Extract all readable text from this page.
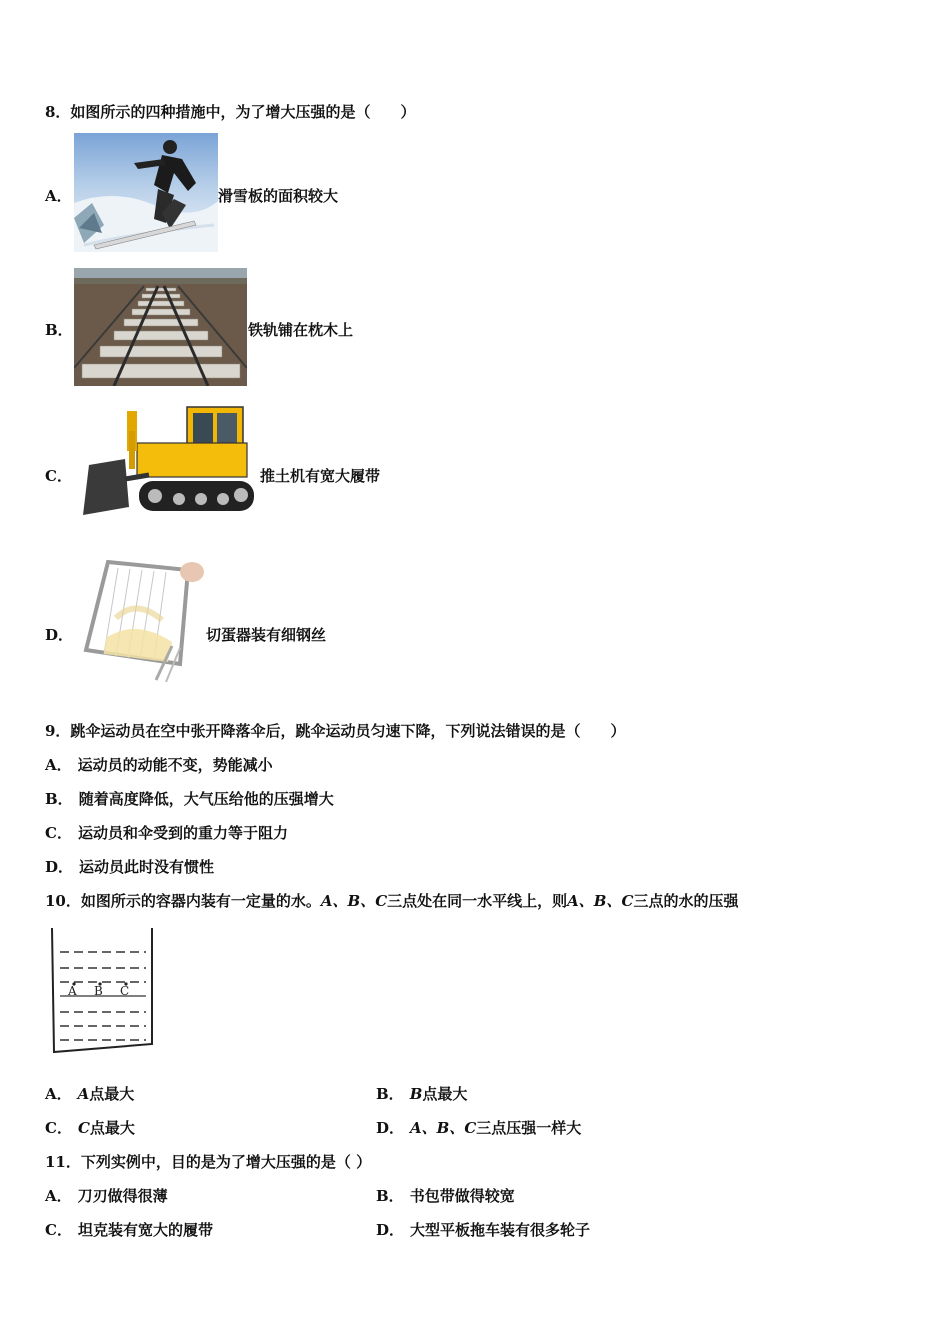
8．如图所示的四种措施中，为了增大压强的是（　　）
A．	滑雪板的面积较大
B．	铁轨铺在枕木上
C．	推土机有宽大履带
D．	切蛋器装有细钢丝
9．跳伞运动员在空中张开降落伞后，跳伞运动员匀速下降，下列说法错误的是（　　）
A． 运动员的动能不变，势能减小
B． 随着高度降低，大气压给他的压强增大
C． 运动员和伞受到的重力等于阻力
D． 运动员此时没有惯性
10．如图所示的容器内装有一定量的水。A、B、C三点处在同一水平线上，则A、B、C三点的水的压强
A B C
A． A点最大	B． B点最大
C． C点最大	D． A、B、C三点压强一样大
11．下列实例中，目的是为了增大压强的是（ ）
A． 刀刃做得很薄	B． 书包带做得较宽
C． 坦克装有宽大的履带	D． 大型平板拖车装有很多轮子
